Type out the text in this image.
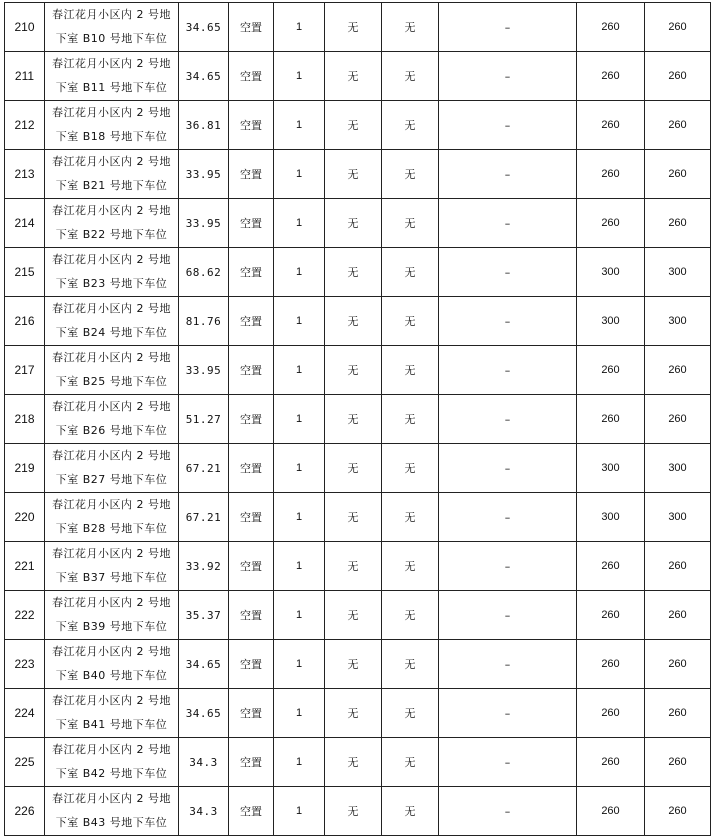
210	春江花月小区内 2 号地
下室 B10 号地下车位	34.65	空置	1	无	无	–	260	260
211	春江花月小区内 2 号地
下室 B11 号地下车位	34.65	空置	1	无	无	–	260	260
212	春江花月小区内 2 号地
下室 B18 号地下车位	36.81	空置	1	无	无	–	260	260
213	春江花月小区内 2 号地
下室 B21 号地下车位	33.95	空置	1	无	无	–	260	260
214	春江花月小区内 2 号地
下室 B22 号地下车位	33.95	空置	1	无	无	–	260	260
215	春江花月小区内 2 号地
下室 B23 号地下车位	68.62	空置	1	无	无	–	300	300
216	春江花月小区内 2 号地
下室 B24 号地下车位	81.76	空置	1	无	无	–	300	300
217	春江花月小区内 2 号地
下室 B25 号地下车位	33.95	空置	1	无	无	–	260	260
218	春江花月小区内 2 号地
下室 B26 号地下车位	51.27	空置	1	无	无	–	260	260
219	春江花月小区内 2 号地
下室 B27 号地下车位	67.21	空置	1	无	无	–	300	300
220	春江花月小区内 2 号地
下室 B28 号地下车位	67.21	空置	1	无	无	–	300	300
221	春江花月小区内 2 号地
下室 B37 号地下车位	33.92	空置	1	无	无	–	260	260
222	春江花月小区内 2 号地
下室 B39 号地下车位	35.37	空置	1	无	无	–	260	260
223	春江花月小区内 2 号地
下室 B40 号地下车位	34.65	空置	1	无	无	–	260	260
224	春江花月小区内 2 号地
下室 B41 号地下车位	34.65	空置	1	无	无	–	260	260
225	春江花月小区内 2 号地
下室 B42 号地下车位	34.3	空置	1	无	无	–	260	260
226	春江花月小区内 2 号地
下室 B43 号地下车位	34.3	空置	1	无	无	–	260	260
